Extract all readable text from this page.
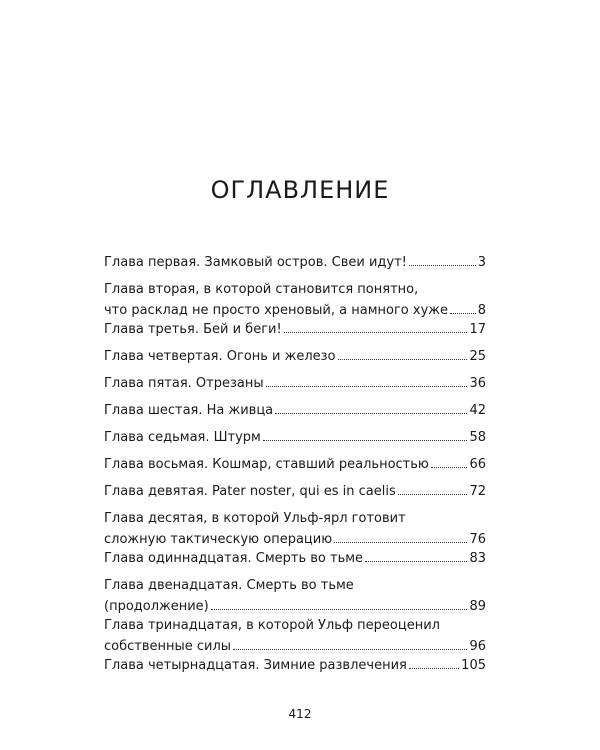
ОГЛАВЛЕНИЕ
Глава первая. Замковый остров. Свеи идут!	3
Глава вторая, в которой становится понятно,
что расклад не просто хреновый, а намного хуже 8
Глава третья. Бей и беги!	17
Глава четвертая. Огонь и железо	25
Глава пятая. Отрезаны	36
Глава шестая. На живца	42
Глава седьмая. Штурм	58
Глава восьмая. Кошмар, ставший реальностью	66
Глава девятая. Pater noster, qui es in caelis	72
Глава десятая, в которой Ульф-ярл готовит
сложную тактическую операцию	76
Глава одиннадцатая. Смерть во тьме	83
Глава двенадцатая. Смерть во тьме
(продолжение)	89
Глава тринадцатая, в которой Ульф переоценил
собственные силы	96
Глава четырнадцатая. Зимние развлечения	105
412
